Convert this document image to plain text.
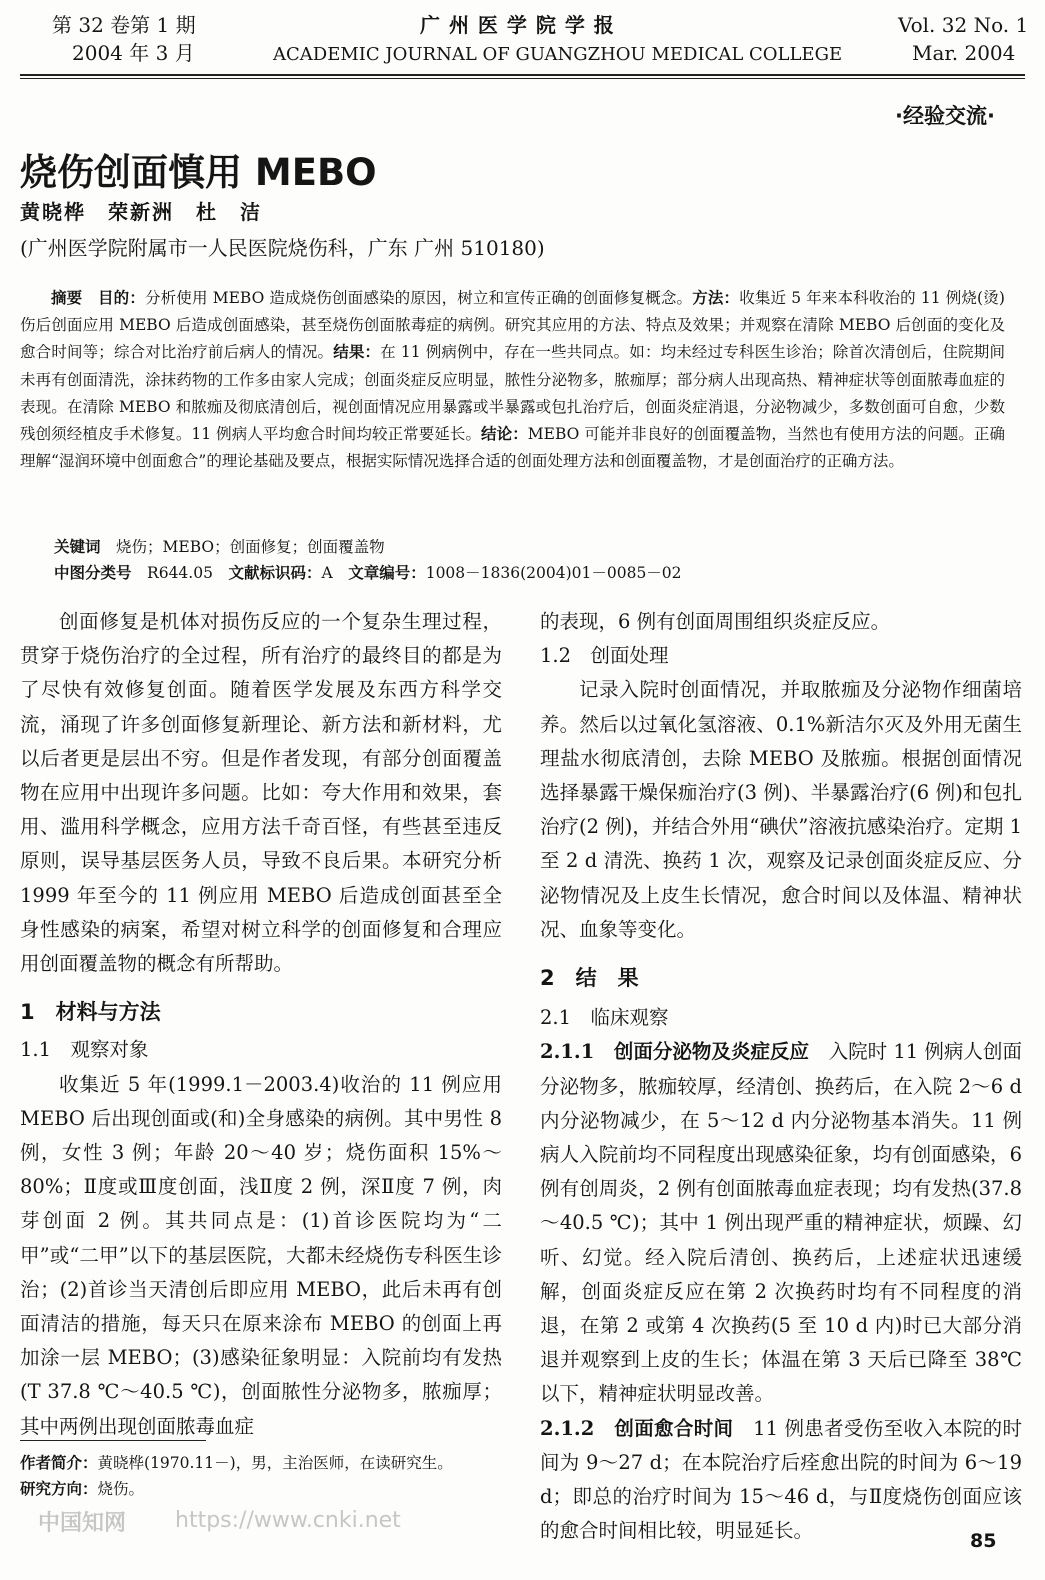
第 32 卷第 1 期
2004 年 3 月
广 州 医 学 院 学 报
ACADEMIC JOURNAL OF GUANGZHOU MEDICAL COLLEGE
Vol. 32 No. 1
Mar. 2004
·经验交流·
烧伤创面慎用 MEBO
黄晓桦　荣新洲　杜　洁
(广州医学院附属市一人民医院烧伤科，广东 广州 510180)

摘要　 目的：分析使用 MEBO 造成烧伤创面感染的原因，树立和宣传正确的创面修复概念。方法：收集近 5 年来本科收治的 11 例烧(烫)伤后创面应用 MEBO 后造成创面感染，甚至烧伤创面脓毒症的病例。研究其应用的方法、特点及效果；并观察在清除 MEBO 后创面的变化及愈合时间等；综合对比治疗前后病人的情况。结果：在 11 例病例中，存在一些共同点。如：均未经过专科医生诊治；除首次清创后，住院期间未再有创面清洗，涂抹药物的工作多由家人完成；创面炎症反应明显，脓性分泌物多，脓痂厚；部分病人出现高热、精神症状等创面脓毒血症的表现。在清除 MEBO 和脓痂及彻底清创后，视创面情况应用暴露或半暴露或包扎治疗后，创面炎症消退，分泌物减少，多数创面可自愈，少数残创须经植皮手术修复。11 例病人平均愈合时间均较正常要延长。结论：MEBO 可能并非良好的创面覆盖物，当然也有使用方法的问题。正确理解“湿润环境中创面愈合”的理论基础及要点，根据实际情况选择合适的创面处理方法和创面覆盖物，才是创面治疗的正确方法。

关键词　 烧伤；MEBO；创面修复；创面覆盖物
中图分类号　 R644.05　 文献标识码：A　 文章编号：1008－1836(2004)01－0085－02

创面修复是机体对损伤反应的一个复杂生理过程，贯穿于烧伤治疗的全过程，所有治疗的最终目的都是为了尽快有效修复创面。随着医学发展及东西方科学交流，涌现了许多创面修复新理论、新方法和新材料，尤以后者更是层出不穷。但是作者发现，有部分创面覆盖物在应用中出现许多问题。比如：夸大作用和效果，套用、滥用科学概念，应用方法千奇百怪，有些甚至违反原则，误导基层医务人员，导致不良后果。本研究分析 1999 年至今的 11 例应用 MEBO 后造成创面甚至全身性感染的病案，希望对树立科学的创面修复和合理应用创面覆盖物的概念有所帮助。

1　材料与方法
1.1　观察对象

收集近 5 年(1999.1－2003.4)收治的 11 例应用 MEBO 后出现创面或(和)全身感染的病例。其中男性 8 例，女性 3 例；年龄 20～40 岁；烧伤面积 15%～80%；Ⅱ度或Ⅲ度创面，浅Ⅱ度 2 例，深Ⅱ度 7 例，肉芽创面 2 例。其共同点是：(1)首诊医院均为“二甲”或“二甲”以下的基层医院，大都未经烧伤专科医生诊治；(2)首诊当天清创后即应用 MEBO，此后未再有创面清洁的措施，每天只在原来涂布 MEBO 的创面上再加涂一层 MEBO；(3)感染征象明显：入院前均有发热(T 37.8 ℃～40.5 ℃)，创面脓性分泌物多，脓痂厚；其中两例出现创面脓毒血症

作者简介：黄晓桦(1970.11－)，男，主治医师，在读研究生。
研究方向：烧伤。

的表现，6 例有创面周围组织炎症反应。

1.2　创面处理

记录入院时创面情况，并取脓痂及分泌物作细菌培养。然后以过氧化氢溶液、0.1%新洁尔灭及外用无菌生理盐水彻底清创，去除 MEBO 及脓痂。根据创面情况选择暴露干燥保痂治疗(3 例)、半暴露治疗(6 例)和包扎治疗(2 例)，并结合外用“碘伏”溶液抗感染治疗。定期 1 至 2 d 清洗、换药 1 次，观察及记录创面炎症反应、分泌物情况及上皮生长情况，愈合时间以及体温、精神状况、血象等变化。

2　结　果
2.1　临床观察

2.1.1　创面分泌物及炎症反应　 入院时 11 例病人创面分泌物多，脓痂较厚，经清创、换药后，在入院 2～6 d 内分泌物减少，在 5～12 d 内分泌物基本消失。11 例病人入院前均不同程度出现感染征象，均有创面感染，6 例有创周炎，2 例有创面脓毒血症表现；均有发热(37.8～40.5 ℃)；其中 1 例出现严重的精神症状，烦躁、幻听、幻觉。经入院后清创、换药后，上述症状迅速缓解，创面炎症反应在第 2 次换药时均有不同程度的消退，在第 2 或第 4 次换药(5 至 10 d 内)时已大部分消退并观察到上皮的生长；体温在第 3 天后已降至 38℃ 以下，精神症状明显改善。

2.1.2　创面愈合时间　 11 例患者受伤至收入本院的时间为 9～27 d；在本院治疗后痊愈出院的时间为 6～19 d；即总的治疗时间为 15～46 d，与Ⅱ度烧伤创面应该的愈合时间相比较，明显延长。

中国知网 https://www.cnki.net
85
